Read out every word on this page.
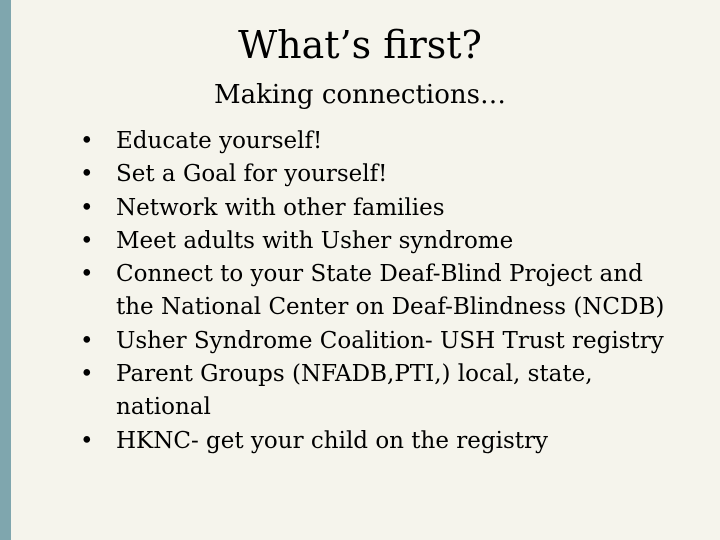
What’s first?
Making connections…
• Educate yourself!
• Set a Goal for yourself!
• Network with other families
• Meet adults with Usher syndrome
• Connect to your State Deaf-Blind Project and the National Center on Deaf-Blindness (NCDB)
• Usher Syndrome Coalition- USH Trust registry
• Parent Groups (NFADB,PTI,) local, state, national
• HKNC- get your child on the registry
